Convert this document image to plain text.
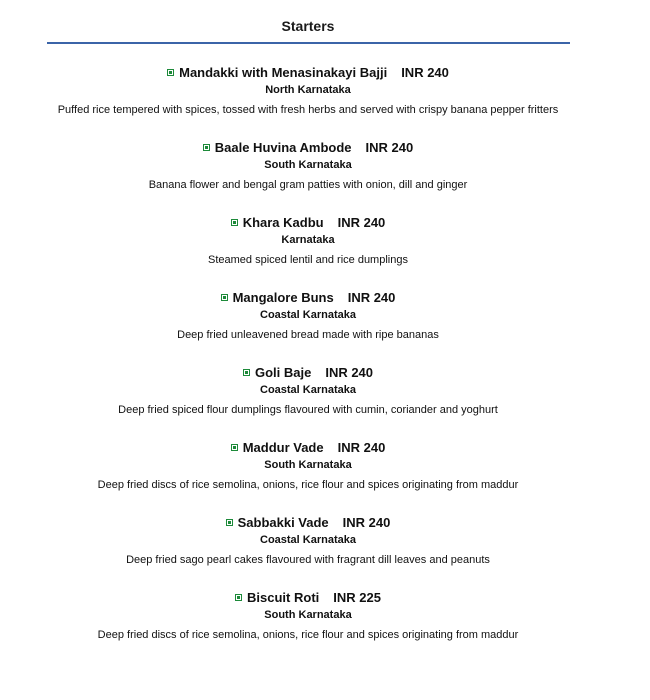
Starters
Mandakki with Menasinakayi Bajji INR 240
North Karnataka
Puffed rice tempered with spices, tossed with fresh herbs and served with crispy banana pepper fritters
Baale Huvina Ambode INR 240
South Karnataka
Banana flower and bengal gram patties with onion, dill and ginger
Khara Kadbu INR 240
Karnataka
Steamed spiced lentil and rice dumplings
Mangalore Buns INR 240
Coastal Karnataka
Deep fried unleavened bread made with ripe bananas
Goli Baje INR 240
Coastal Karnataka
Deep fried spiced flour dumplings flavoured with cumin, coriander and yoghurt
Maddur Vade INR 240
South Karnataka
Deep fried discs of rice semolina, onions, rice flour and spices originating from maddur
Sabbakki Vade INR 240
Coastal Karnataka
Deep fried sago pearl cakes flavoured with fragrant dill leaves and peanuts
Biscuit Roti INR 225
South Karnataka
Deep fried discs of rice semolina, onions, rice flour and spices originating from maddur
